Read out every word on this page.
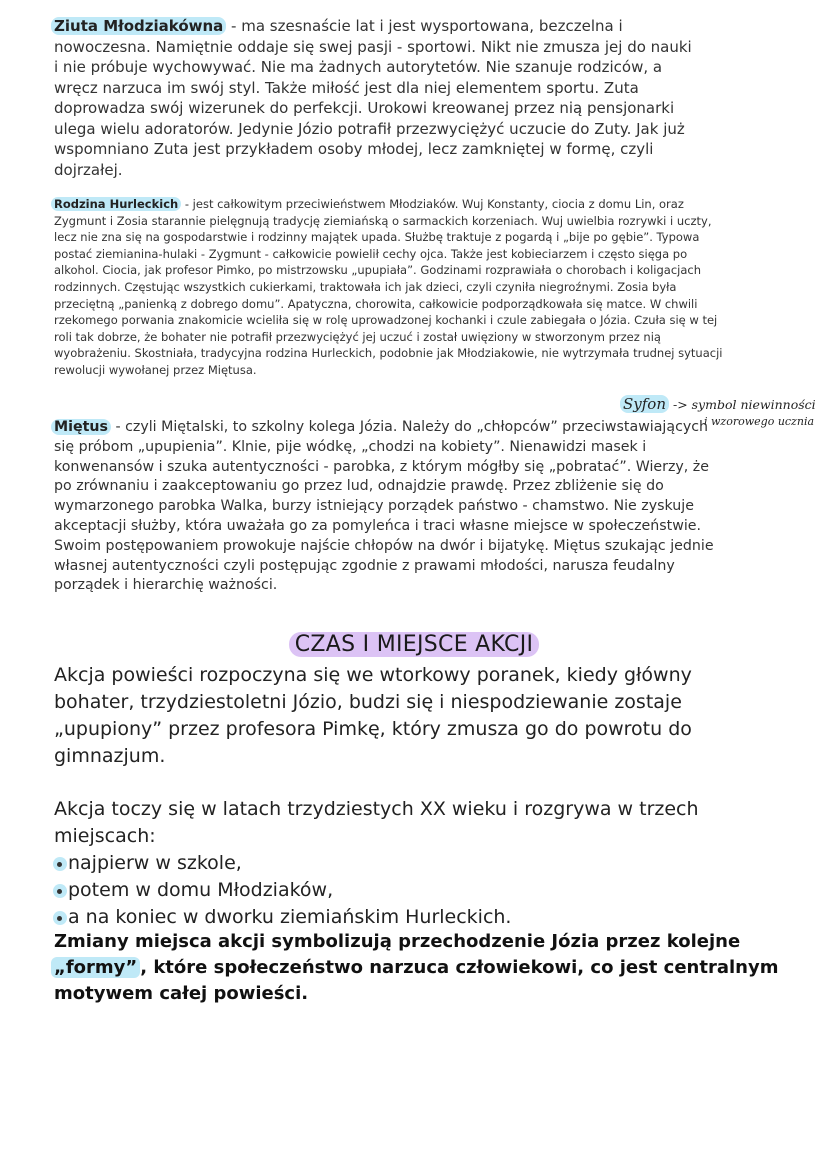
Ziuta Młodziakówna - ma szesnaście lat i jest wysportowana, bezczelna i nowoczesna. Namiętnie oddaje się swej pasji - sportowi. Nikt nie zmusza jej do nauki i nie próbuje wychowywać. Nie ma żadnych autorytetów. Nie szanuje rodziców, a wręcz narzuca im swój styl. Także miłość jest dla niej elementem sportu. Zuta doprowadza swój wizerunek do perfekcji. Urokowi kreowanej przez nią pensjonarki ulega wielu adoratorów. Jedynie Józio potrafił przezwyciężyć uczucie do Zuty. Jak już wspomniano Zuta jest przykładem osoby młodej, lecz zamkniętej w formę, czyli dojrzałej.

Rodzina Hurleckich - jest całkowitym przeciwieństwem Młodziaków. Wuj Konstanty, ciocia z domu Lin, oraz Zygmunt i Zosia starannie pielęgnują tradycję ziemiańską o sarmackich korzeniach. Wuj uwielbia rozrywki i uczty, lecz nie zna się na gospodarstwie i rodzinny majątek upada. Służbę traktuje z pogardą i „bije po gębie”. Typowa postać ziemianina-hulaki - Zygmunt - całkowicie powielił cechy ojca. Także jest kobieciarzem i często sięga po alkohol. Ciocia, jak profesor Pimko, po mistrzowsku „upupiała”. Godzinami rozprawiała o chorobach i koligacjach rodzinnych. Częstując wszystkich cukierkami, traktowała ich jak dzieci, czyli czyniła niegroźnymi. Zosia była przeciętną „panienką z dobrego domu”. Apatyczna, chorowita, całkowicie podporządkowała się matce. W chwili rzekomego porwania znakomicie wcieliła się w rolę uprowadzonej kochanki i czule zabiegała o Józia. Czuła się w tej roli tak dobrze, że bohater nie potrafił przezwyciężyć jej uczuć i został uwięziony w stworzonym przez nią wyobrażeniu. Skostniała, tradycyjna rodzina Hurleckich, podobnie jak Młodziakowie, nie wytrzymała trudnej sytuacji rewolucji wywołanej przez Miętusa.

Syfon -> symbol niewinności
i wzorowego ucznia

Miętus - czyli Miętalski, to szkolny kolega Józia. Należy do „chłopców” przeciwstawiających się próbom „upupienia”. Klnie, pije wódkę, „chodzi na kobiety”. Nienawidzi masek i konwenansów i szuka autentyczności - parobka, z którym mógłby się „pobratać”. Wierzy, że po zrównaniu i zaakceptowaniu go przez lud, odnajdzie prawdę. Przez zbliżenie się do wymarzonego parobka Walka, burzy istniejący porządek państwo - chamstwo. Nie zyskuje akceptacji służby, która uważała go za pomyleńca i traci własne miejsce w społeczeństwie. Swoim postępowaniem prowokuje najście chłopów na dwór i bijatykę. Miętus szukając jednie własnej autentyczności czyli postępując zgodnie z prawami młodości, narusza feudalny porządek i hierarchię ważności.

CZAS I MIEJSCE AKCJI

Akcja powieści rozpoczyna się we wtorkowy poranek, kiedy główny bohater, trzydziestoletni Józio, budzi się i niespodziewanie zostaje „upupiony” przez profesora Pimkę, który zmusza go do powrotu do gimnazjum.

Akcja toczy się w latach trzydziestych XX wieku i rozgrywa w trzech miejscach:
najpierw w szkole,
potem w domu Młodziaków,
a na koniec w dworku ziemiańskim Hurleckich.

Zmiany miejsca akcji symbolizują przechodzenie Józia przez kolejne „formy” , które społeczeństwo narzuca człowiekowi, co jest centralnym motywem całej powieści.
